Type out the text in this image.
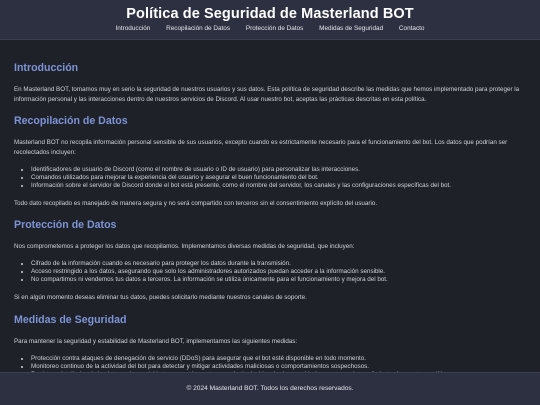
Política de Seguridad de Masterland BOT
Introducción Recopilación de Datos Protección de Datos Medidas de Seguridad Contacto
Introducción

En Masterland BOT, tomamos muy en serio la seguridad de nuestros usuarios y sus datos. Esta política de seguridad describe las medidas que hemos implementado para proteger la información personal y las interacciones dentro de nuestros servicios de Discord. Al usar nuestro bot, aceptas las prácticas descritas en esta política.

Recopilación de Datos

Masterland BOT no recopila información personal sensible de sus usuarios, excepto cuando es estrictamente necesario para el funcionamiento del bot. Los datos que podrían ser recolectados incluyen:

• Identificadores de usuario de Discord (como el nombre de usuario o ID de usuario) para personalizar las interacciones.
• Comandos utilizados para mejorar la experiencia del usuario y asegurar el buen funcionamiento del bot.
• Información sobre el servidor de Discord donde el bot está presente, como el nombre del servidor, los canales y las configuraciones específicas del bot.

Todo dato recopilado es manejado de manera segura y no será compartido con terceros sin el consentimiento explícito del usuario.

Protección de Datos

Nos comprometemos a proteger los datos que recopilamos. Implementamos diversas medidas de seguridad, que incluyen:

• Cifrado de la información cuando es necesario para proteger los datos durante la transmisión.
• Acceso restringido a los datos, asegurando que solo los administradores autorizados puedan acceder a la información sensible.
• No compartimos ni vendemos tus datos a terceros. La información se utiliza únicamente para el funcionamiento y mejora del bot.

Si en algún momento deseas eliminar tus datos, puedes solicitarlo mediante nuestros canales de soporte.

Medidas de Seguridad

Para mantener la seguridad y estabilidad de Masterland BOT, implementamos las siguientes medidas:

• Protección contra ataques de denegación de servicio (DDoS) para asegurar que el bot esté disponible en todo momento.
• Monitoreo continuo de la actividad del bot para detectar y mitigar actividades maliciosas o comportamientos sospechosos.
•
© 2024 Masterland BOT. Todos los derechos reservados.
